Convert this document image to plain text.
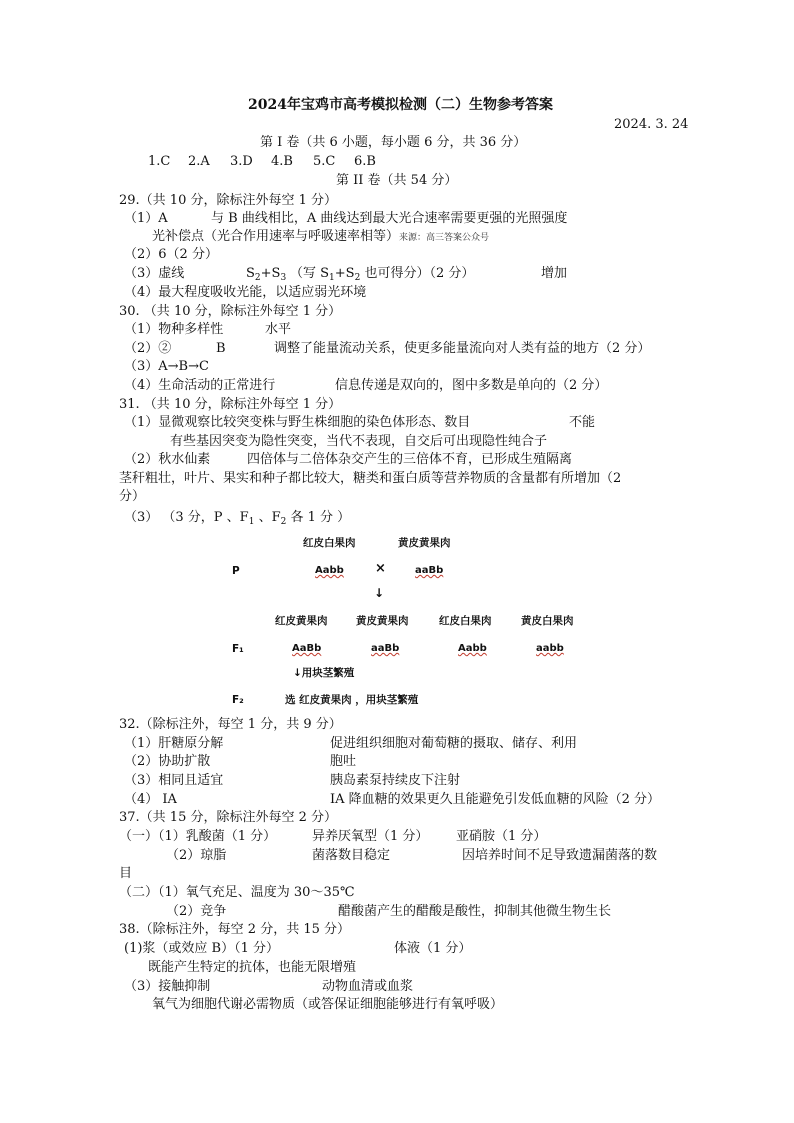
2024年宝鸡市高考模拟检测（二）生物参考答案
2024. 3. 24
第 I 卷（共 6 小题，每小题 6 分，共 36 分）
1.C 2.A 3.D 4.B 5.C 6.B
第 II 卷（共 54 分）
29.（共 10 分，除标注外每空 1 分）
（1）A	与 B 曲线相比，A 曲线达到最大光合速率需要更强的光照强度
光补偿点（光合作用速率与呼吸速率相等）来源：高三答案公众号
（2）6（2 分）
（3）虚线	$S_2+S_3$ （写 $S_1+S_2$ 也可得分）（2 分）	增加
（4）最大程度吸收光能，以适应弱光环境
30. （共 10 分，除标注外每空 1 分）
（1）物种多样性	水平
（2）②	B	调整了能量流动关系，使更多能量流向对人类有益的地方（2 分）
（3）A→B→C
（4）生命活动的正常进行	信息传递是双向的，图中多数是单向的（2 分）
31. （共 10 分，除标注外每空 1 分）
（1）显微观察比较突变株与野生株细胞的染色体形态、数目	不能
有些基因突变为隐性突变，当代不表现，自交后可出现隐性纯合子
（2）秋水仙素	四倍体与二倍体杂交产生的三倍体不育，已形成生殖隔离
茎秆粗壮，叶片、果实和种子都比较大，糖类和蛋白质等营养物质的含量都有所增加（2
分）
（3） （3 分，P 、$F_1$ 、$F_2$ 各 1 分 ）
红皮白果肉	黄皮黄果肉
P	Aabb ×	aaBb
↓
红皮黄果肉	黄皮黄果肉	红皮白果肉	黄皮白果肉
F₁	AaBb	aaBb	Aabb	aabb
↓用块茎繁殖
F₂	选 红皮黄果肉 ，用块茎繁殖
32.（除标注外，每空 1 分，共 9 分）
（1）肝糖原分解	促进组织细胞对葡萄糖的摄取、储存、利用
（2）协助扩散	胞吐
（3）相同且适宜	胰岛素泵持续皮下注射
（4） IA	IA 降血糖的效果更久且能避免引发低血糖的风险（2 分）
37.（共 15 分，除标注外每空 2 分）
（一）（1）乳酸菌（1 分）	异养厌氧型（1 分） 亚硝胺（1 分）
（2）琼脂	菌落数目稳定	因培养时间不足导致遗漏菌落的数
目
（二）（1）氧气充足、温度为 30～35℃
（2）竞争	醋酸菌产生的醋酸是酸性，抑制其他微生物生长
38.（除标注外，每空 2 分，共 15 分）
(1)浆（或效应 B）（1 分）	体液（1 分）
既能产生特定的抗体，也能无限增殖
（3）接触抑制	动物血清或血浆
氧气为细胞代谢必需物质（或答保证细胞能够进行有氧呼吸）
